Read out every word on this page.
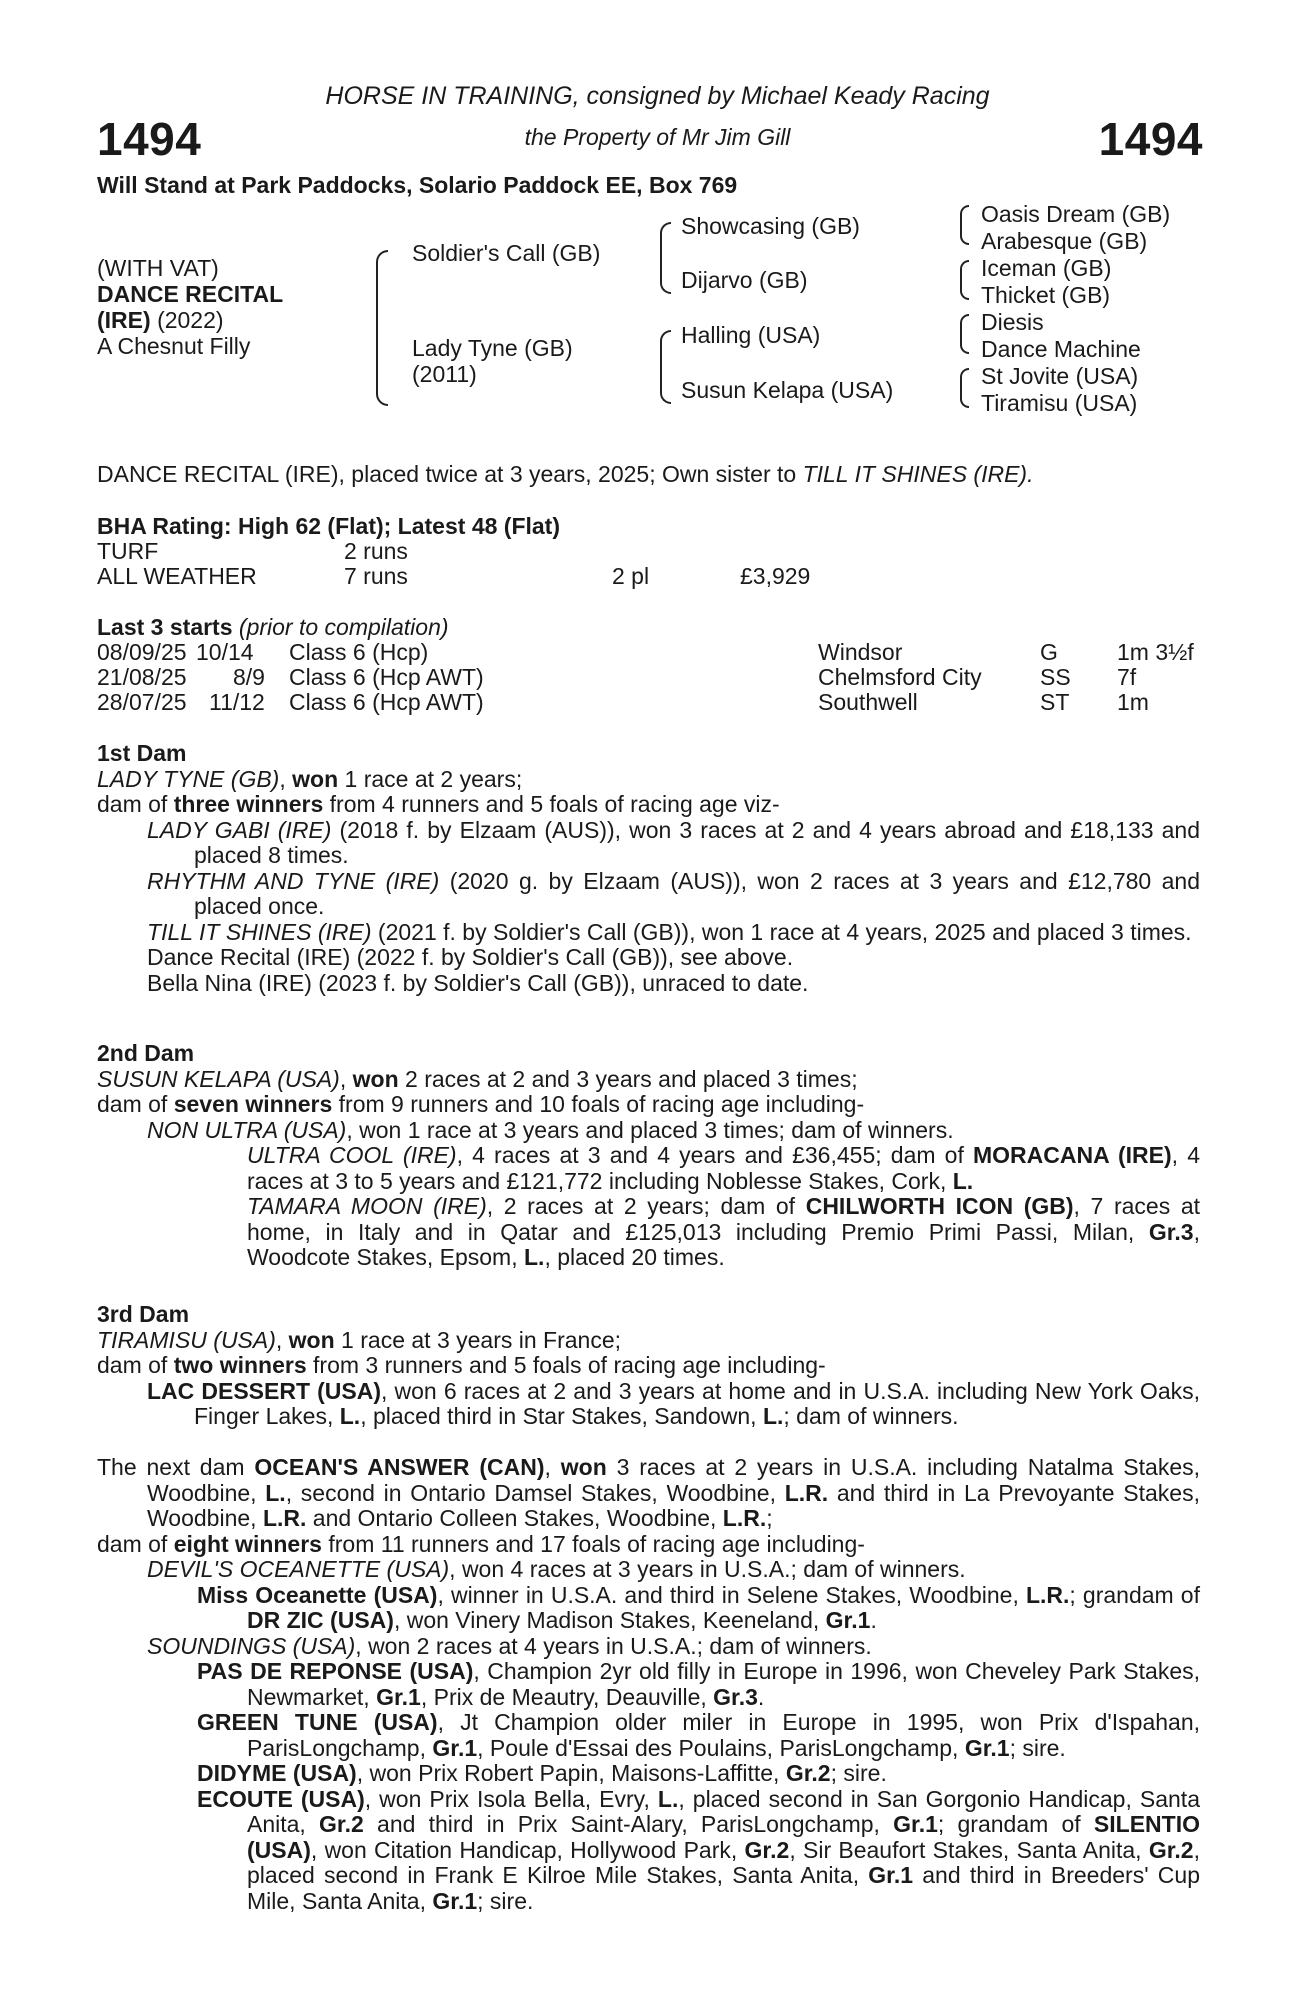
1494	1494
HORSE IN TRAINING, consigned by Michael Keady Racing
the Property of Mr Jim Gill
Will Stand at Park Paddocks, Solario Paddock EE, Box 769
(WITH VAT)
DANCE RECITAL
(IRE) (2022)
A Chesnut Filly
Soldier's Call (GB)
Lady Tyne (GB)
(2011)
Showcasing (GB)
Dijarvo (GB)
Halling (USA)
Susun Kelapa (USA)
Oasis Dream (GB)
Arabesque (GB)
Iceman (GB)
Thicket (GB)
Diesis
Dance Machine
St Jovite (USA)
Tiramisu (USA)
DANCE RECITAL (IRE), placed twice at 3 years, 2025; Own sister to TILL IT SHINES (IRE).
BHA Rating: High 62 (Flat); Latest 48 (Flat)
TURF	2 runs
ALL WEATHER	7 runs	2 pl	£3,929
Last 3 starts (prior to compilation)
08/09/25 10/14 Class 6 (Hcp)	Windsor	G	1m 3½f
21/08/25 8/9 Class 6 (Hcp AWT)	Chelmsford City	SS 7f
28/07/25 11/12 Class 6 (Hcp AWT)	Southwell	ST 1m

1st Dam

LADY TYNE (GB), won 1 race at 2 years;

dam of three winners from 4 runners and 5 foals of racing age viz-

LADY GABI (IRE) (2018 f. by Elzaam (AUS)), won 3 races at 2 and 4 years abroad and £18,133 and placed 8 times.

RHYTHM AND TYNE (IRE) (2020 g. by Elzaam (AUS)), won 2 races at 3 years and £12,780 and placed once.

TILL IT SHINES (IRE) (2021 f. by Soldier's Call (GB)), won 1 race at 4 years, 2025 and placed 3 times.

Dance Recital (IRE) (2022 f. by Soldier's Call (GB)), see above.

Bella Nina (IRE) (2023 f. by Soldier's Call (GB)), unraced to date.

2nd Dam

SUSUN KELAPA (USA), won 2 races at 2 and 3 years and placed 3 times;

dam of seven winners from 9 runners and 10 foals of racing age including-

NON ULTRA (USA), won 1 race at 3 years and placed 3 times; dam of winners.

ULTRA COOL (IRE), 4 races at 3 and 4 years and £36,455; dam of MORACANA (IRE), 4 races at 3 to 5 years and £121,772 including Noblesse Stakes, Cork, L.

TAMARA MOON (IRE), 2 races at 2 years; dam of CHILWORTH ICON (GB), 7 races at home, in Italy and in Qatar and £125,013 including Premio Primi Passi, Milan, Gr.3, Woodcote Stakes, Epsom, L., placed 20 times.

3rd Dam

TIRAMISU (USA), won 1 race at 3 years in France;

dam of two winners from 3 runners and 5 foals of racing age including-

LAC DESSERT (USA), won 6 races at 2 and 3 years at home and in U.S.A. including New York Oaks, Finger Lakes, L., placed third in Star Stakes, Sandown, L.; dam of winners.

The next dam OCEAN'S ANSWER (CAN), won 3 races at 2 years in U.S.A. including Natalma Stakes, Woodbine, L., second in Ontario Damsel Stakes, Woodbine, L.R. and third in La Prevoyante Stakes, Woodbine, L.R. and Ontario Colleen Stakes, Woodbine, L.R.;

dam of eight winners from 11 runners and 17 foals of racing age including-

DEVIL'S OCEANETTE (USA), won 4 races at 3 years in U.S.A.; dam of winners.

Miss Oceanette (USA), winner in U.S.A. and third in Selene Stakes, Woodbine, L.R.; grandam of DR ZIC (USA), won Vinery Madison Stakes, Keeneland, Gr.1.

SOUNDINGS (USA), won 2 races at 4 years in U.S.A.; dam of winners.

PAS DE REPONSE (USA), Champion 2yr old filly in Europe in 1996, won Cheveley Park Stakes, Newmarket, Gr.1, Prix de Meautry, Deauville, Gr.3.

GREEN TUNE (USA), Jt Champion older miler in Europe in 1995, won Prix d'Ispahan, ParisLongchamp, Gr.1, Poule d'Essai des Poulains, ParisLongchamp, Gr.1; sire.

DIDYME (USA), won Prix Robert Papin, Maisons-Laffitte, Gr.2; sire.

ECOUTE (USA), won Prix Isola Bella, Evry, L., placed second in San Gorgonio Handicap, Santa Anita, Gr.2 and third in Prix Saint-Alary, ParisLongchamp, Gr.1; grandam of SILENTIO (USA), won Citation Handicap, Hollywood Park, Gr.2, Sir Beaufort Stakes, Santa Anita, Gr.2, placed second in Frank E Kilroe Mile Stakes, Santa Anita, Gr.1 and third in Breeders' Cup Mile, Santa Anita, Gr.1; sire.
